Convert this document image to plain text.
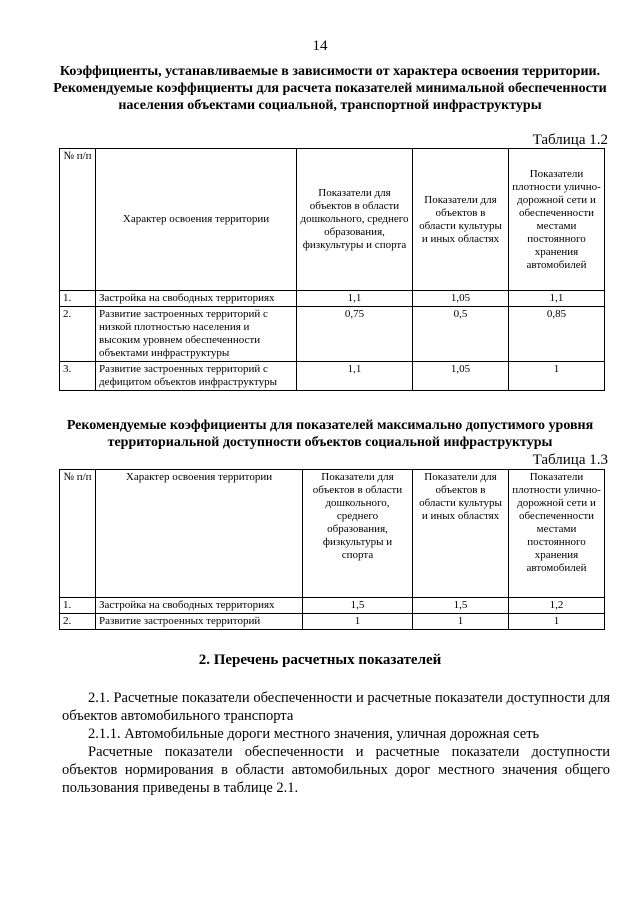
14
Коэффициенты, устанавливаемые в зависимости от характера освоения территории. Рекомендуемые коэффициенты для расчета показателей минимальной обеспеченности населения объектами социальной, транспортной инфраструктуры
Таблица 1.2
№ п/п	Характер освоения территории	Показатели для объектов в области дошкольного, среднего образования, физкультуры и спорта	Показатели для объектов в области культуры и иных областях	Показатели плотности улично-дорожной сети и обеспеченности местами постоянного хранения автомобилей
1.	Застройка на свободных территориях	1,1	1,05	1,1
2.	Развитие застроенных территорий с низкой плотностью населения и высоким уровнем обеспеченности объектами инфраструктуры	0,75	0,5	0,85
3.	Развитие застроенных территорий с дефицитом объектов инфраструктуры	1,1	1,05	1
Рекомендуемые коэффициенты для показателей максимально допустимого уровня территориальной доступности объектов социальной инфраструктуры
Таблица 1.3
№ п/п	Характер освоения территории	Показатели для объектов в области дошкольного, среднего образования, физкультуры и спорта	Показатели для объектов в области культуры и иных областях	Показатели плотности улично-дорожной сети и обеспеченности местами постоянного хранения автомобилей
1.	Застройка на свободных территориях	1,5	1,5	1,2
2.	Развитие застроенных территорий	1	1	1
2. Перечень расчетных показателей
2.1. Расчетные показатели обеспеченности и расчетные показатели доступности для объектов автомобильного транспорта
2.1.1. Автомобильные дороги местного значения, уличная дорожная сеть
Расчетные показатели обеспеченности и расчетные показатели доступности объектов нормирования в области автомобильных дорог местного значения общего пользования приведены в таблице 2.1.
